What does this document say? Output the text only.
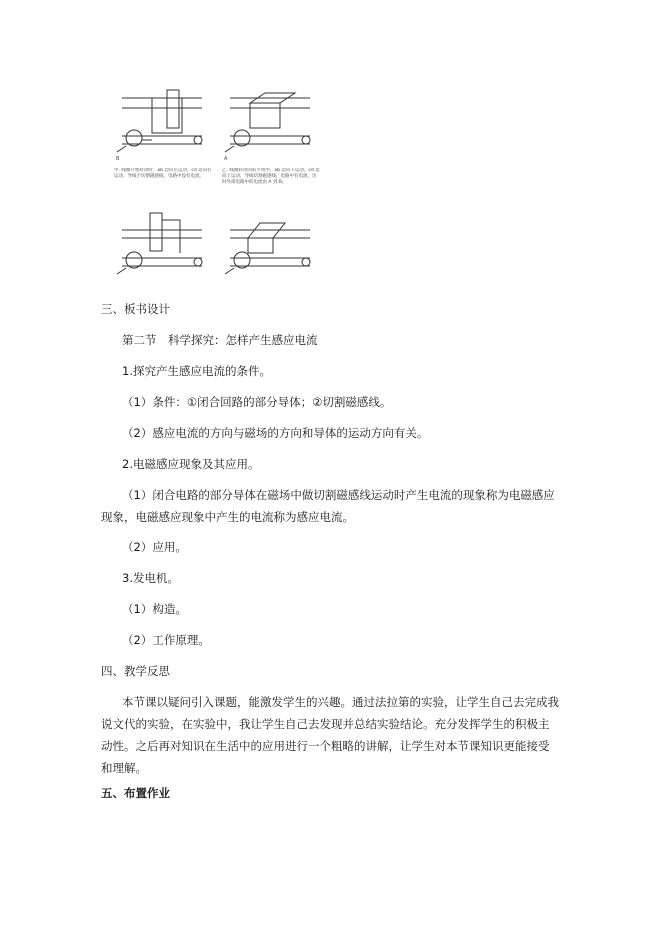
甲. 线圈开始转动时，ab 边向左运动，cd 边向右运动，导线不切割磁感线，电路中没有电流。
乙. 线圈转动的前半周中，ab 边向下运动，cd 边向上运动，导线切割磁感线，电路中有电流，这时外部电路中的电流由 A 到 B。
B	A
三、板书设计
第二节　科学探究：怎样产生感应电流
1.探究产生感应电流的条件。
（1）条件：①闭合回路的部分导体；②切割磁感线。
（2）感应电流的方向与磁场的方向和导体的运动方向有关。
2.电磁感应现象及其应用。
（1）闭合电路的部分导体在磁场中做切割磁感线运动时产生电流的现象称为电磁感应现象，电磁感应现象中产生的电流称为感应电流。
（2）应用。
3.发电机。
（1）构造。
（2）工作原理。
四、教学反思
本节课以疑问引入课题，能激发学生的兴趣。通过法拉第的实验，让学生自己去完成我说文代的实验，在实验中，我让学生自己去发现并总结实验结论。充分发挥学生的积极主动性。之后再对知识在生活中的应用进行一个粗略的讲解，让学生对本节课知识更能接受和理解。
五、布置作业
